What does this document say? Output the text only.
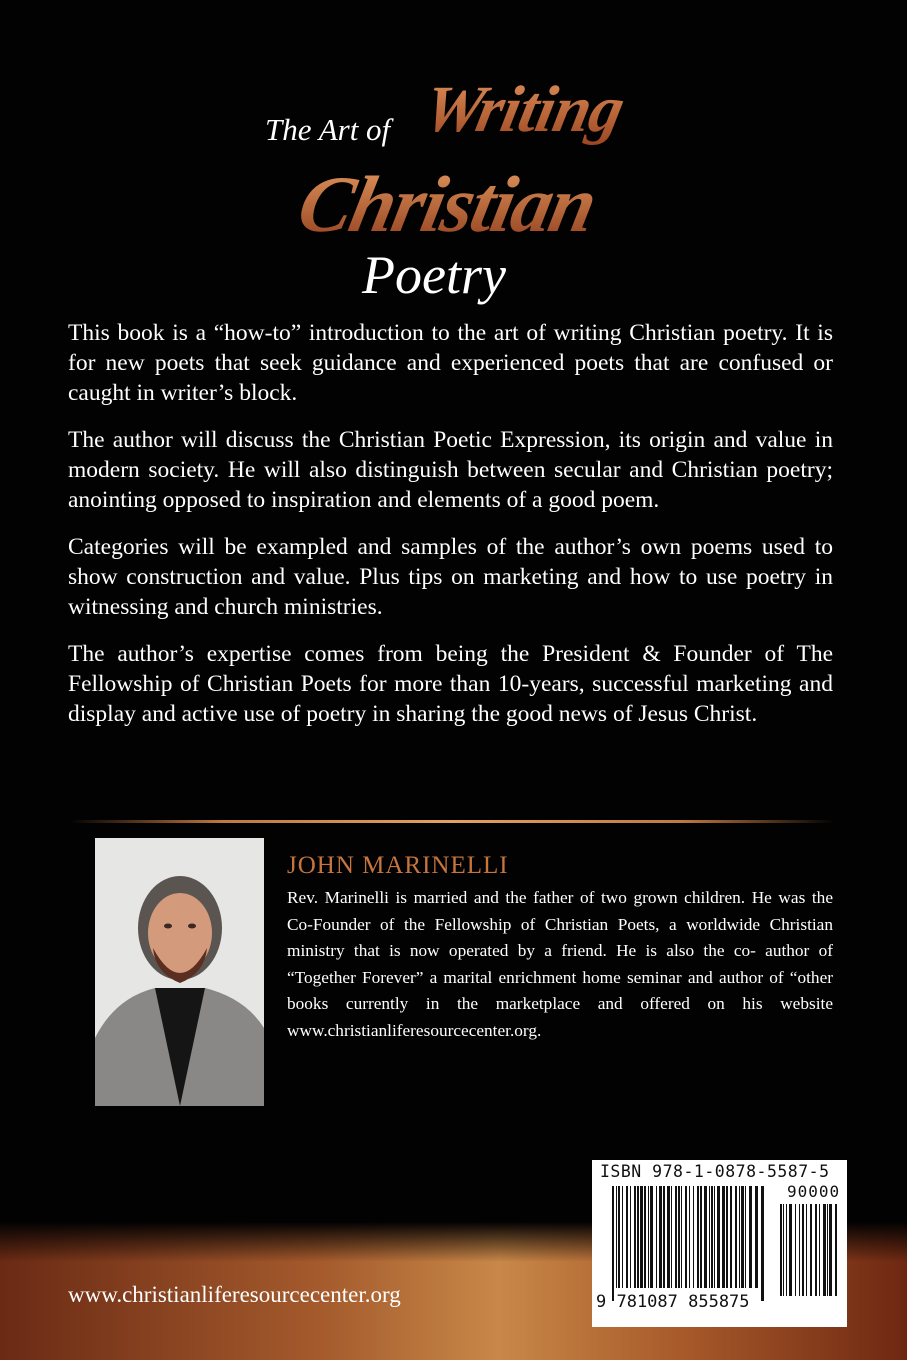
The Art of Writing
Christian
Poetry

This book is a “how-to” introduction to the art of writing Christian poetry. It is for new poets that seek guidance and experienced poets that are confused or caught in writer’s block.

The author will discuss the Christian Poetic Expression, its origin and value in modern society. He will also distinguish between secular and Christian poetry; anointing opposed to inspiration and elements of a good poem.

Categories will be exampled and samples of the author’s own poems used to show construction and value. Plus tips on marketing and how to use poetry in witnessing and church ministries.

The author’s expertise comes from being the President & Founder of The Fellowship of Christian Poets for more than 10-years, successful marketing and display and active use of poetry in sharing the good news of Jesus Christ.

JOHN MARINELLI
Rev. Marinelli is married and the father of two grown children. He was the Co-Founder of the Fellowship of Christian Poets, a worldwide Christian ministry that is now operated by a friend. He is also the co- author of “Together Forever” a marital enrichment home seminar and author of “other books currently in the marketplace and offered on his website www.christianliferesourcecenter.org.
ISBN 978-1-0878-5587-5
90000
9 781087 855875
www.christianliferesourcecenter.org
